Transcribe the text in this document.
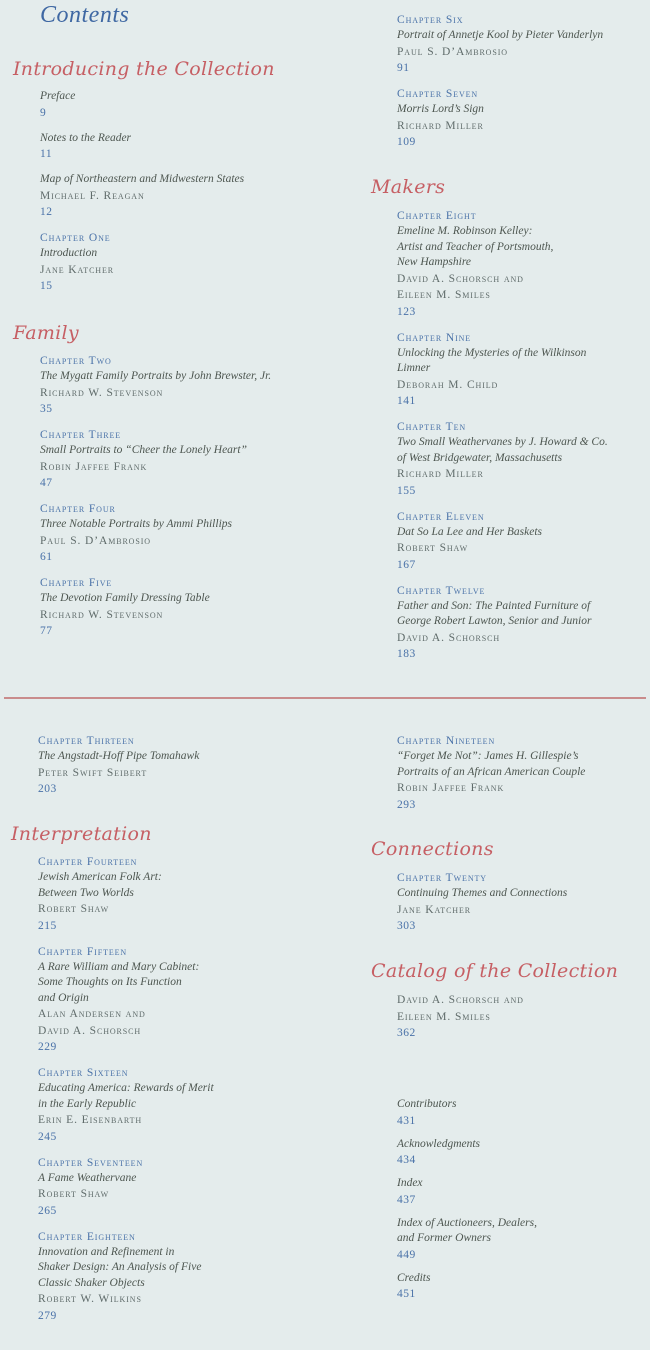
Contents
Introducing the Collection
Preface
9
Notes to the Reader
11
Map of Northeastern and Midwestern States
Michael F. Reagan
12
Chapter One
Introduction
Jane Katcher
15
Family
Chapter Two
The Mygatt Family Portraits by John Brewster, Jr.
Richard W. Stevenson
35
Chapter Three
Small Portraits to “Cheer the Lonely Heart”
Robin Jaffee Frank
47
Chapter Four
Three Notable Portraits by Ammi Phillips
Paul S. D’Ambrosio
61
Chapter Five
The Devotion Family Dressing Table
Richard W. Stevenson
77
Chapter Six
Portrait of Annetje Kool by Pieter Vanderlyn
Paul S. D’Ambrosio
91
Chapter Seven
Morris Lord’s Sign
Richard Miller
109
Makers
Chapter Eight
Emeline M. Robinson Kelley:
Artist and Teacher of Portsmouth,
New Hampshire
David A. Schorsch and
Eileen M. Smiles
123
Chapter Nine
Unlocking the Mysteries of the Wilkinson
Limner
Deborah M. Child
141
Chapter Ten
Two Small Weathervanes by J. Howard & Co.
of West Bridgewater, Massachusetts
Richard Miller
155
Chapter Eleven
Dat So La Lee and Her Baskets
Robert Shaw
167
Chapter Twelve
Father and Son: The Painted Furniture of
George Robert Lawton, Senior and Junior
David A. Schorsch
183
Chapter Thirteen
The Angstadt-Hoff Pipe Tomahawk
Peter Swift Seibert
203
Interpretation
Chapter Fourteen
Jewish American Folk Art:
Between Two Worlds
Robert Shaw
215
Chapter Fifteen
A Rare William and Mary Cabinet:
Some Thoughts on Its Function
and Origin
Alan Andersen and
David A. Schorsch
229
Chapter Sixteen
Educating America: Rewards of Merit
in the Early Republic
Erin E. Eisenbarth
245
Chapter Seventeen
A Fame Weathervane
Robert Shaw
265
Chapter Eighteen
Innovation and Refinement in
Shaker Design: An Analysis of Five
Classic Shaker Objects
Robert W. Wilkins
279
Chapter Nineteen
“Forget Me Not”: James H. Gillespie’s
Portraits of an African American Couple
Robin Jaffee Frank
293
Connections
Chapter Twenty
Continuing Themes and Connections
Jane Katcher
303
Catalog of the Collection
David A. Schorsch and
Eileen M. Smiles
362
Contributors
431
Acknowledgments
434
Index
437
Index of Auctioneers, Dealers,
and Former Owners
449
Credits
451
